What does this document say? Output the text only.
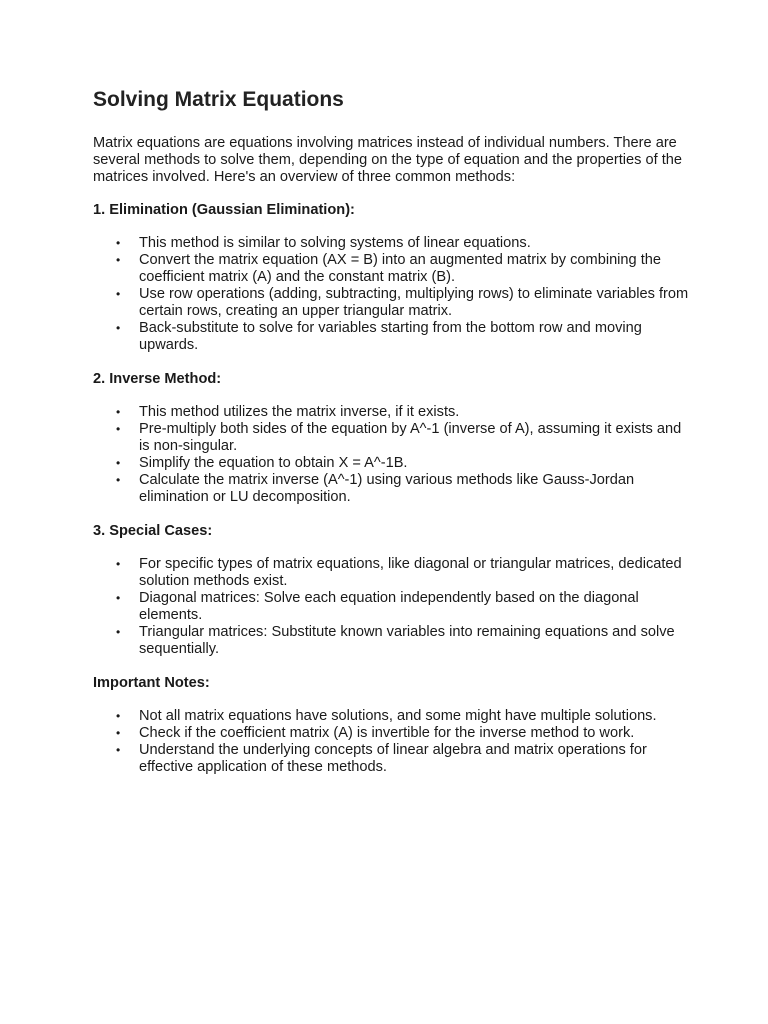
Solving Matrix Equations

Matrix equations are equations involving matrices instead of individual numbers. There are several methods to solve them, depending on the type of equation and the properties of the matrices involved. Here's an overview of three common methods:

1. Elimination (Gaussian Elimination):
• This method is similar to solving systems of linear equations.
• Convert the matrix equation (AX = B) into an augmented matrix by combining the coefficient matrix (A) and the constant matrix (B).
• Use row operations (adding, subtracting, multiplying rows) to eliminate variables from certain rows, creating an upper triangular matrix.
• Back-substitute to solve for variables starting from the bottom row and moving upwards.
2. Inverse Method:
• This method utilizes the matrix inverse, if it exists.
• Pre-multiply both sides of the equation by A^-1 (inverse of A), assuming it exists and is non-singular.
• Simplify the equation to obtain X = A^-1B.
• Calculate the matrix inverse (A^-1) using various methods like Gauss-Jordan elimination or LU decomposition.
3. Special Cases:
• For specific types of matrix equations, like diagonal or triangular matrices, dedicated solution methods exist.
• Diagonal matrices: Solve each equation independently based on the diagonal elements.
• Triangular matrices: Substitute known variables into remaining equations and solve sequentially.
Important Notes:
• Not all matrix equations have solutions, and some might have multiple solutions.
• Check if the coefficient matrix (A) is invertible for the inverse method to work.
• Understand the underlying concepts of linear algebra and matrix operations for effective application of these methods.
